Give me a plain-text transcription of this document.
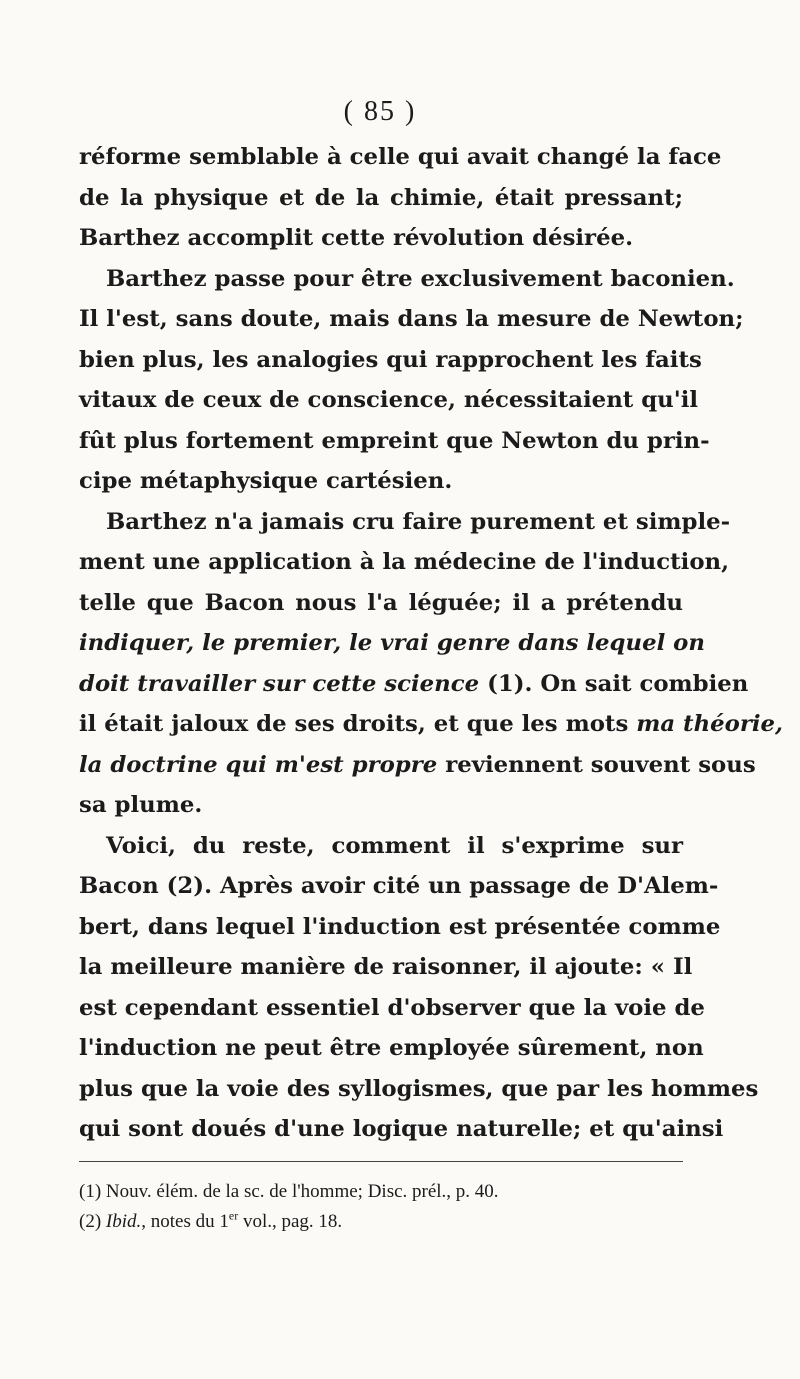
( 85 )
réforme semblable à celle qui avait changé la face
de la physique et de la chimie, était pressant;
Barthez accomplit cette révolution désirée.
Barthez passe pour être exclusivement baconien.
Il l'est, sans doute, mais dans la mesure de Newton;
bien plus, les analogies qui rapprochent les faits
vitaux de ceux de conscience, nécessitaient qu'il
fût plus fortement empreint que Newton du prin-
cipe métaphysique cartésien.
Barthez n'a jamais cru faire purement et simple-
ment une application à la médecine de l'induction,
telle que Bacon nous l'a léguée; il a prétendu
indiquer, le premier, le vrai genre dans lequel on
doit travailler sur cette science (1). On sait combien
il était jaloux de ses droits, et que les mots ma théorie,
la doctrine qui m'est propre reviennent souvent sous
sa plume.
Voici, du reste, comment il s'exprime sur
Bacon (2). Après avoir cité un passage de D'Alem-
bert, dans lequel l'induction est présentée comme
la meilleure manière de raisonner, il ajoute: « Il
est cependant essentiel d'observer que la voie de
l'induction ne peut être employée sûrement, non
plus que la voie des syllogismes, que par les hommes
qui sont doués d'une logique naturelle; et qu'ainsi
(1) Nouv. élém. de la sc. de l'homme; Disc. prél., p. 40.
(2) Ibid., notes du 1er vol., pag. 18.
